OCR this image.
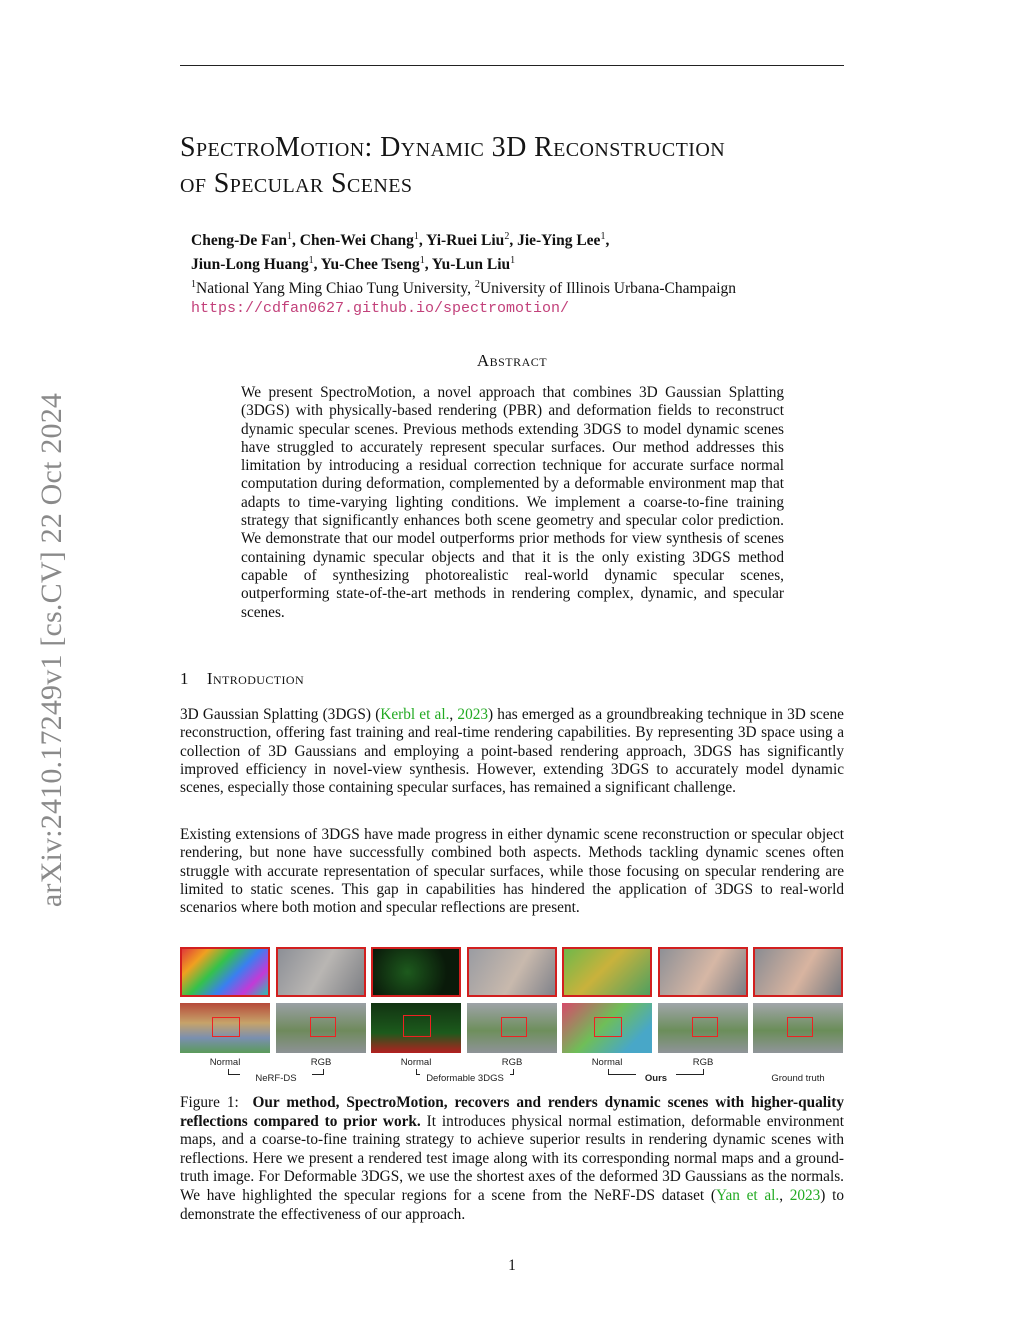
arXiv:2410.17249v1 [cs.CV] 22 Oct 2024
SpectroMotion: Dynamic 3D Reconstruction
of Specular Scenes
Cheng-De Fan$^1$, Chen-Wei Chang$^1$, Yi-Ruei Liu$^2$, Jie-Ying Lee$^1$,
Jiun-Long Huang$^1$, Yu-Chee Tseng$^1$, Yu-Lun Liu$^1$
$^1$National Yang Ming Chiao Tung University, $^2$University of Illinois Urbana-Champaign
https://cdfan0627.github.io/spectromotion/
Abstract
We present SpectroMotion, a novel approach that combines 3D Gaussian Splatting (3DGS) with physically-based rendering (PBR) and deformation fields to reconstruct dynamic specular scenes. Previous methods extending 3DGS to model dynamic scenes have struggled to accurately represent specular surfaces. Our method addresses this limitation by introducing a residual correction technique for accurate surface normal computation during deformation, complemented by a deformable environment map that adapts to time-varying lighting conditions. We implement a coarse-to-fine training strategy that significantly enhances both scene geometry and specular color prediction. We demonstrate that our model outperforms prior methods for view synthesis of scenes containing dynamic specular objects and that it is the only existing 3DGS method capable of synthesizing photorealistic real-world dynamic specular scenes, outperforming state-of-the-art methods in rendering complex, dynamic, and specular scenes.
1 Introduction
3D Gaussian Splatting (3DGS) (Kerbl et al., 2023) has emerged as a groundbreaking technique in 3D scene reconstruction, offering fast training and real-time rendering capabilities. By representing 3D space using a collection of 3D Gaussians and employing a point-based rendering approach, 3DGS has significantly improved efficiency in novel-view synthesis. However, extending 3DGS to accurately model dynamic scenes, especially those containing specular surfaces, has remained a significant challenge.
Existing extensions of 3DGS have made progress in either dynamic scene reconstruction or specular object rendering, but none have successfully combined both aspects. Methods tackling dynamic scenes often struggle with accurate representation of specular surfaces, while those focusing on specular rendering are limited to static scenes. This gap in capabilities has hindered the application of 3DGS to real-world scenarios where both motion and specular reflections are present.
Normal	RGB	Normal	RGB	Normal	RGB
NeRF-DS	Deformable 3DGS	Ours	Ground truth
Figure 1: Our method, SpectroMotion, recovers and renders dynamic scenes with higher-quality reflections compared to prior work. It introduces physical normal estimation, deformable environment maps, and a coarse-to-fine training strategy to achieve superior results in rendering dynamic scenes with reflections. Here we present a rendered test image along with its corresponding normal maps and a ground-truth image. For Deformable 3DGS, we use the shortest axes of the deformed 3D Gaussians as the normals. We have highlighted the specular regions for a scene from the NeRF-DS dataset (Yan et al., 2023) to demonstrate the effectiveness of our approach.
1
